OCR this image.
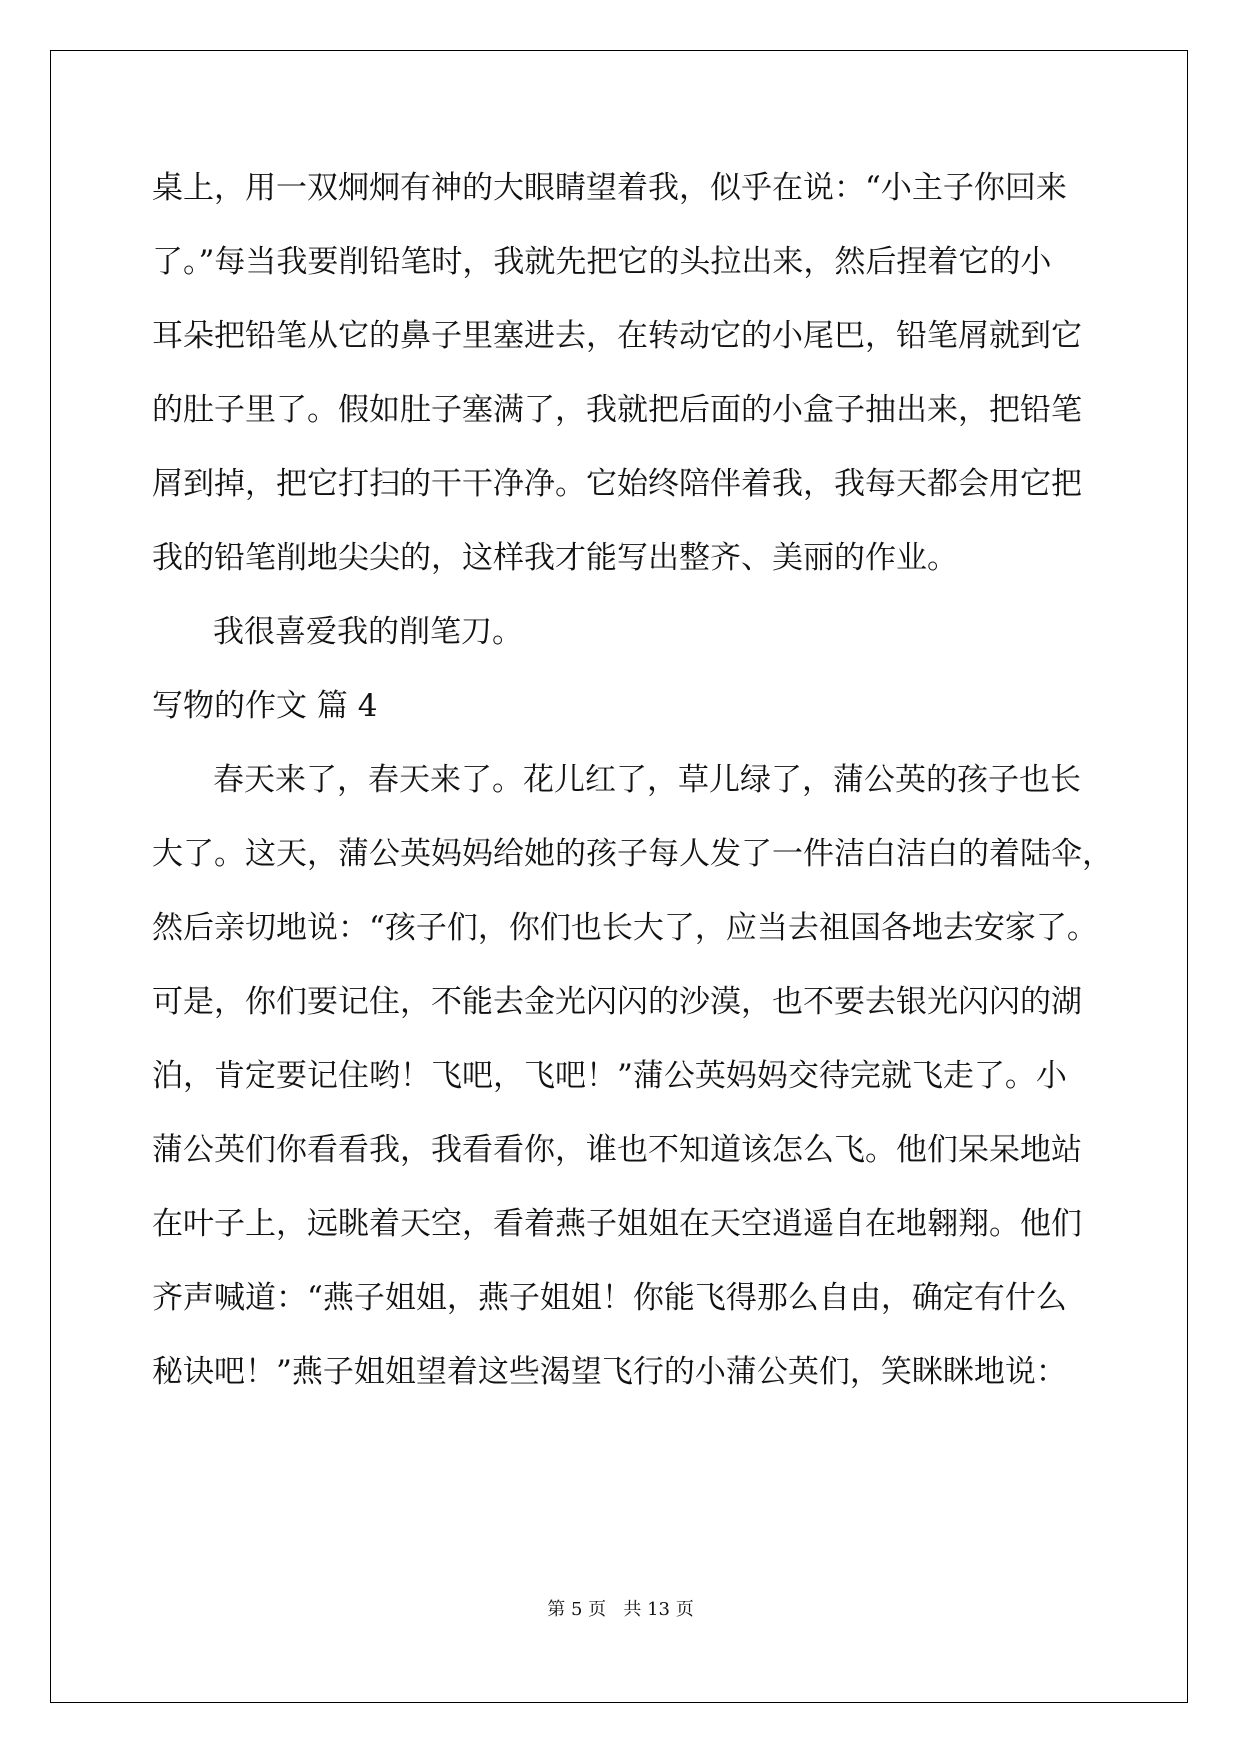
桌上，用一双炯炯有神的大眼睛望着我，似乎在说：“小主子你回来

了。”每当我要削铅笔时，我就先把它的头拉出来，然后捏着它的小

耳朵把铅笔从它的鼻子里塞进去，在转动它的小尾巴，铅笔屑就到它

的肚子里了。假如肚子塞满了，我就把后面的小盒子抽出来，把铅笔

屑到掉，把它打扫的干干净净。它始终陪伴着我，我每天都会用它把

我的铅笔削地尖尖的，这样我才能写出整齐、美丽的作业。

我很喜爱我的削笔刀。

写物的作文 篇 4

春天来了，春天来了。花儿红了，草儿绿了，蒲公英的孩子也长

大了。这天，蒲公英妈妈给她的孩子每人发了一件洁白洁白的着陆伞，

然后亲切地说：“孩子们，你们也长大了，应当去祖国各地去安家了。

可是，你们要记住，不能去金光闪闪的沙漠，也不要去银光闪闪的湖

泊，肯定要记住哟！飞吧，飞吧！”蒲公英妈妈交待完就飞走了。小

蒲公英们你看看我，我看看你，谁也不知道该怎么飞。他们呆呆地站

在叶子上，远眺着天空，看着燕子姐姐在天空逍遥自在地翱翔。他们

齐声喊道：“燕子姐姐，燕子姐姐！你能飞得那么自由，确定有什么

秘诀吧！”燕子姐姐望着这些渴望飞行的小蒲公英们，笑眯眯地说：

第 5 页 共 13 页
